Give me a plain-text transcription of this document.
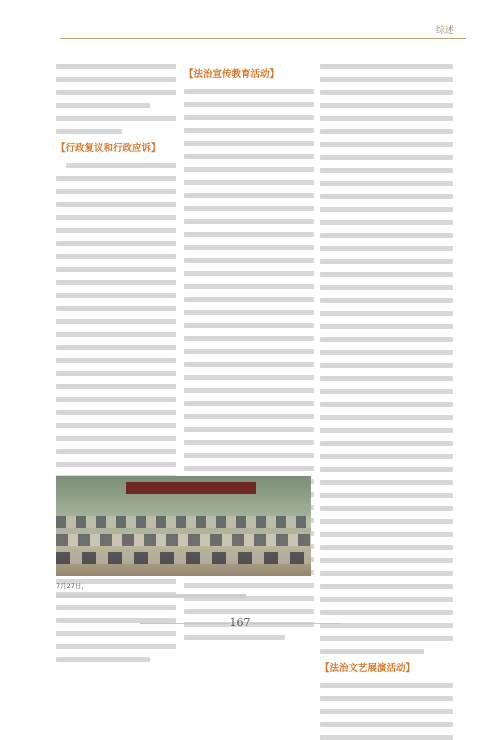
综述
【行政复议和行政应诉】
【法治宣传教育活动】
【法治文艺展演活动】
7月27日，
167
